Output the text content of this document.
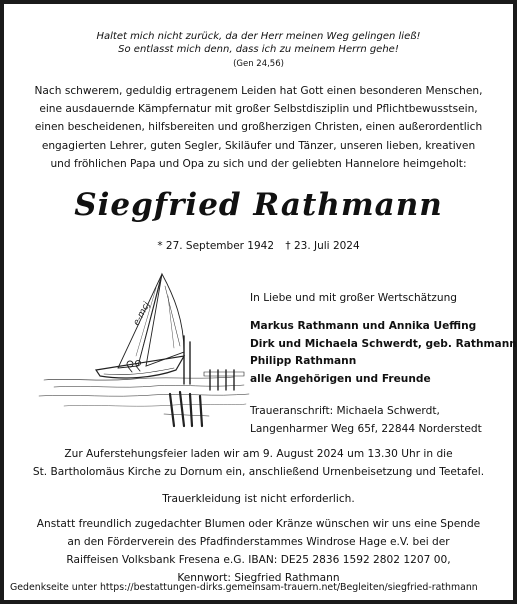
Haltet mich nicht zurück, da der Herr meinen Weg gelingen ließ!
So entlasst mich denn, dass ich zu meinem Herrn gehe!
(Gen 24,56)
Nach schwerem, geduldig ertragenem Leiden hat Gott einen besonderen Menschen,
eine ausdauernde Kämpfernatur mit großer Selbstdisziplin und Pflichtbewusstsein,
einen bescheidenen, hilfsbereiten und großherzigen Christen, einen außerordentlich
engagierten Lehrer, guten Segler, Skiläufer und Tänzer, unseren lieben, kreativen
und fröhlichen Papa und Opa zu sich und der geliebten Hannelore heimgeholt:
Siegfried Rathmann
* 27. September 1942 † 23. Juli 2024
e-mcj
In Liebe und mit großer Wertschätzung
Markus Rathmann und Annika Ueffing
Dirk und Michaela Schwerdt, geb. Rathmann
Philipp Rathmann
alle Angehörigen und Freunde
Traueranschrift: Michaela Schwerdt,
Langenharmer Weg 65f, 22844 Norderstedt
Zur Auferstehungsfeier laden wir am 9. August 2024 um 13.30 Uhr in die
St. Bartholomäus Kirche zu Dornum ein, anschließend Urnenbeisetzung und Teetafel.
Trauerkleidung ist nicht erforderlich.
Anstatt freundlich zugedachter Blumen oder Kränze wünschen wir uns eine Spende
an den Förderverein des Pfadfinderstammes Windrose Hage e.V. bei der
Raiffeisen Volksbank Fresena e.G. IBAN: DE25 2836 1592 2802 1207 00,
Kennwort: Siegfried Rathmann
Gedenkseite unter https://bestattungen-dirks.gemeinsam-trauern.net/Begleiten/siegfried-rathmann
